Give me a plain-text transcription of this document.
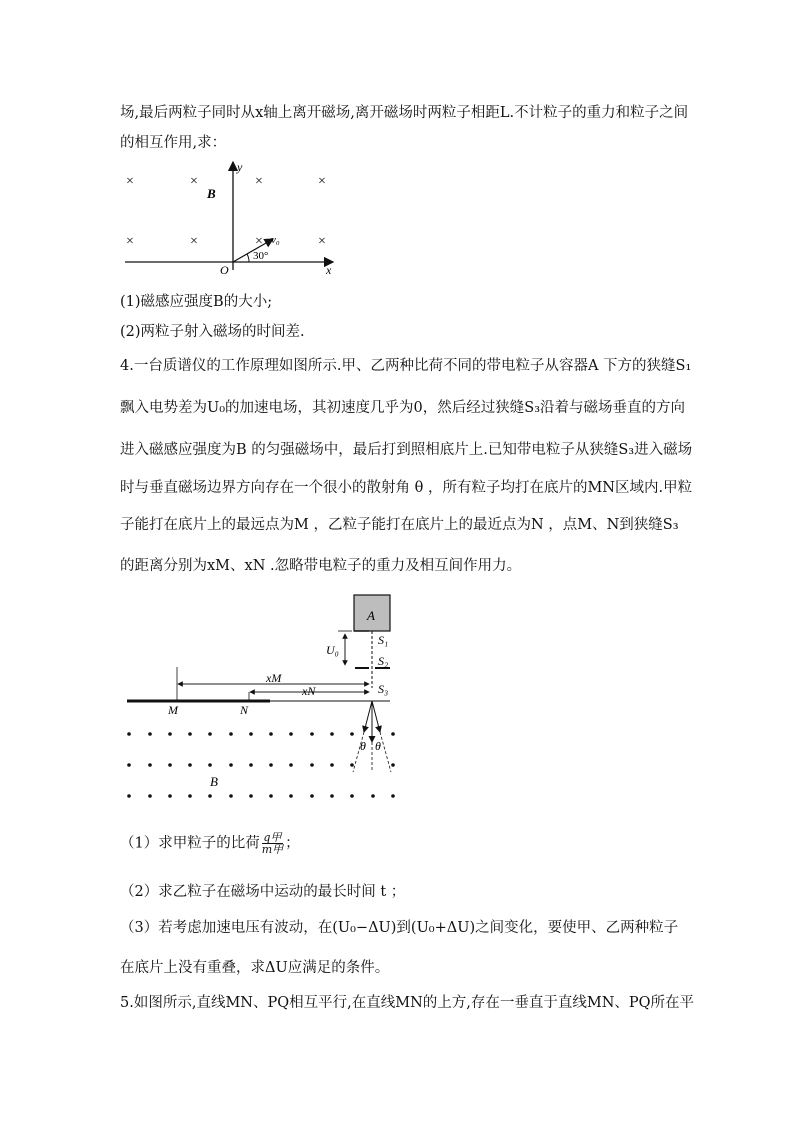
场,最后两粒子同时从x轴上离开磁场,离开磁场时两粒子相距L.不计粒子的重力和粒子之间
的相互作用,求：
y
x
O
B
×	×	×	×
×	×	×	×
v₀
30°
(1)磁感应强度B的大小;
(2)两粒子射入磁场的时间差.
4.一台质谱仪的工作原理如图所示.甲、乙两种比荷不同的带电粒子从容器A 下方的狭缝S₁
飘入电势差为U₀的加速电场，其初速度几乎为0，然后经过狭缝S₃沿着与磁场垂直的方向
进入磁感应强度为B 的匀强磁场中，最后打到照相底片上.已知带电粒子从狭缝S₃进入磁场
时与垂直磁场边界方向存在一个很小的散射角 θ ，所有粒子均打在底片的MN区域内.甲粒
子能打在底片上的最远点为M ，乙粒子能打在底片上的最近点为N ，点M、N到狭缝S₃
的距离分别为xM、xN .忽略带电粒子的重力及相互间作用力。
A
S₁
S₂
S₃
U₀
M	N
xM
xN
θ θ
B
（1）求甲粒子的比荷 $\frac{\text{q甲}}{\text{m甲}}$ ；
（2）求乙粒子在磁场中运动的最长时间 t ；
（3）若考虑加速电压有波动，在(U₀−ΔU)到(U₀+ΔU)之间变化，要使甲、乙两种粒子
在底片上没有重叠，求ΔU应满足的条件。
5.如图所示,直线MN、PQ相互平行,在直线MN的上方,存在一垂直于直线MN、PQ所在平
